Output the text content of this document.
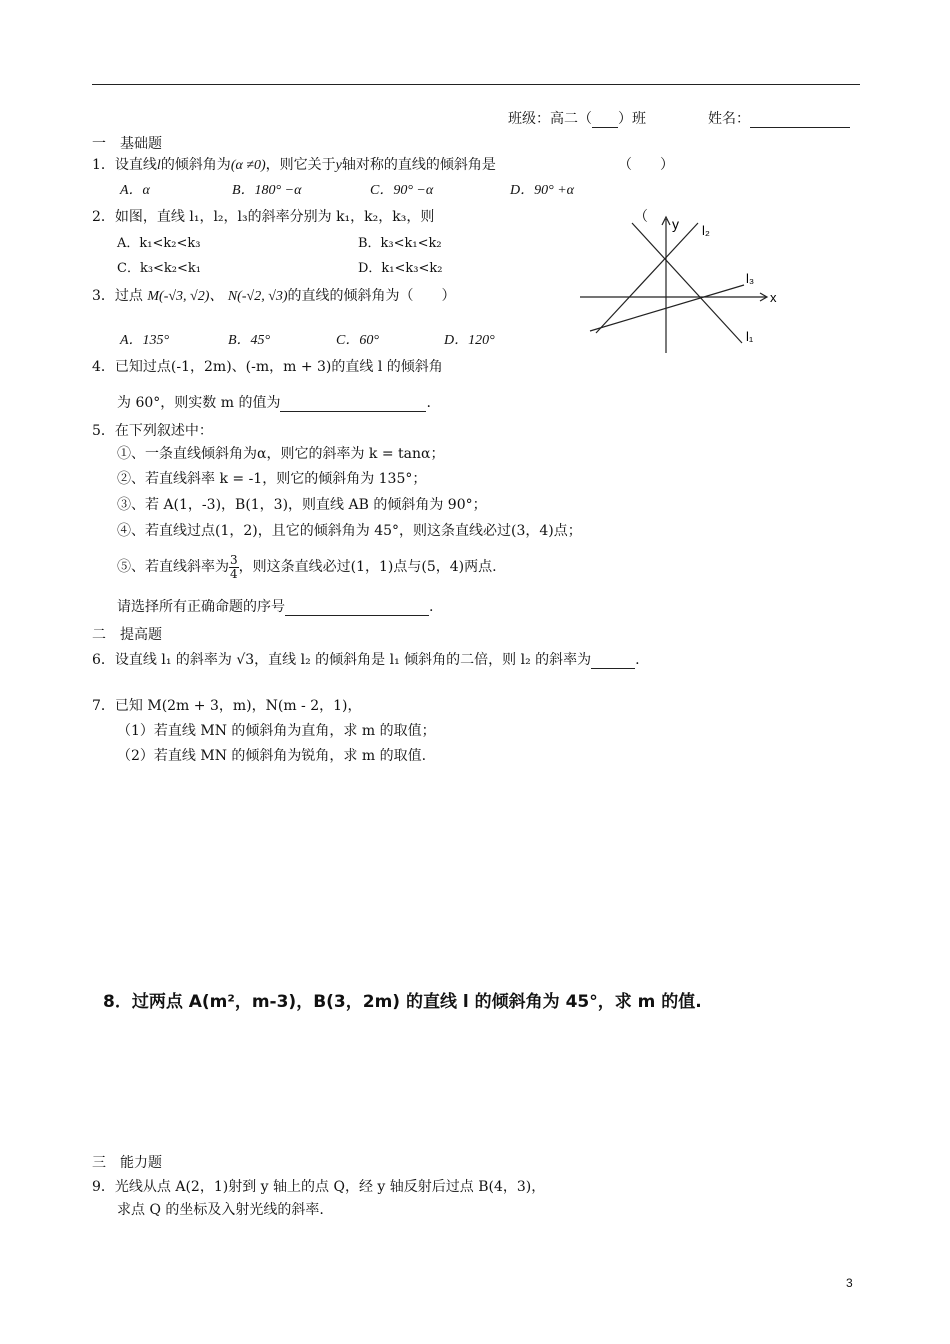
班级：高二（ ）班	姓名：
一　基础题
1．设直线l的倾斜角为(α ≠0)，则它关于y轴对称的直线的倾斜角是	（　　）
A．α	B．180° −α	C．90° −α	D．90° +α
2．如图，直线 l₁，l₂，l₃的斜率分别为 k₁，k₂，k₃，则	（
A．k₁<k₂<k₃	B．k₃<k₁<k₂
C．k₃<k₂<k₁	D．k₁<k₃<k₂
y
x
l₂
l₁
l₃
3．过点 M(-√3, √2)、 N(-√2, √3)的直线的倾斜角为（　　）
A．135°	B．45°	C．60°	D．120°
4．已知过点(-1，2m)、(-m，m + 3)的直线 l 的倾斜角
为 60°，则实数 m 的值为	.
5．在下列叙述中：
①、一条直线倾斜角为α，则它的斜率为 k = tanα；
②、若直线斜率 k = -1，则它的倾斜角为 135°；
③、若 A(1，-3)，B(1，3)，则直线 AB 的倾斜角为 90°；
④、若直线过点(1，2)，且它的倾斜角为 45°，则这条直线必过(3，4)点；
⑤、若直线斜率为 $\frac{3}{4}$ ，则这条直线必过(1，1)点与(5，4)两点.
请选择所有正确命题的序号	.
二　提高题
6．设直线 l₁ 的斜率为 √3，直线 l₂ 的倾斜角是 l₁ 倾斜角的二倍，则 l₂ 的斜率为	.
7．已知 M(2m + 3，m)，N(m - 2，1)，
（1）若直线 MN 的倾斜角为直角，求 m 的取值；
（2）若直线 MN 的倾斜角为锐角，求 m 的取值.
8．过两点 A(m²，m-3)，B(3，2m) 的直线 l 的倾斜角为 45°，求 m 的值.
三　能力题
9．光线从点 A(2，1)射到 y 轴上的点 Q，经 y 轴反射后过点 B(4，3)，
求点 Q 的坐标及入射光线的斜率.
3
